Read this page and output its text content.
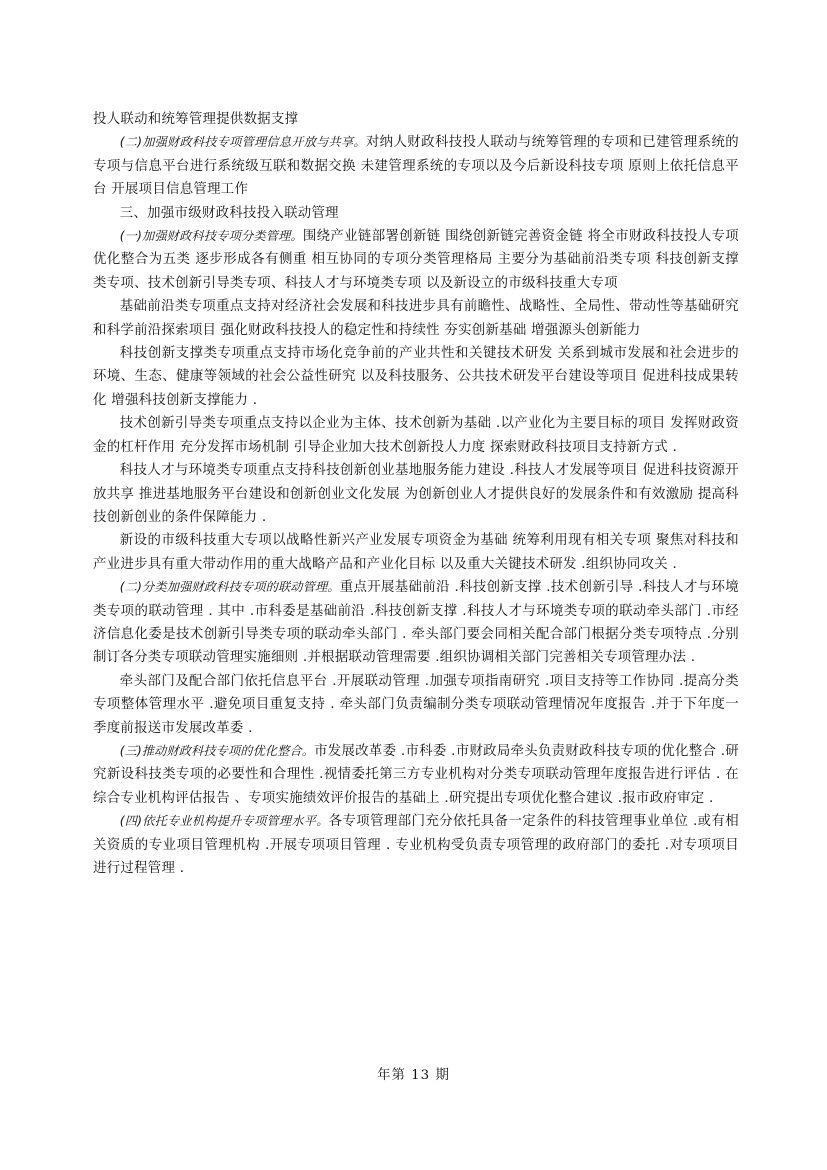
投人联动和统筹管理提供数据支撑

(二)加强财政科技专项管理信息开放与共享。对纳人财政科技投人联动与统筹管理的专项和已建管理系统的专项与信息平台进行系统级互联和数据交换 未建管理系统的专项以及今后新设科技专项 原则上依托信息平台 开展项目信息管理工作

三、加强市级财政科技投入联动管理

(一)加强财政科技专项分类管理。围绕产业链部署创新链 围绕创新链完善资金链 将全市财政科技投人专项优化整合为五类 逐步形成各有侧重 相互协同的专项分类管理格局 主要分为基础前沿类专项 科技创新支撑类专项、技术创新引导类专项、科技人才与环境类专项 以及新设立的市级科技重大专项

基础前沿类专项重点支持对经济社会发展和科技进步具有前瞻性、战略性、全局性、带动性等基础研究和科学前沿探索项目 强化财政科技投人的稳定性和持续性 夯实创新基础 增强源头创新能力

科技创新支撑类专项重点支持市场化竞争前的产业共性和关键技术研发 关系到城市发展和社会进步的环境、生态、健康等领域的社会公益性研究 以及科技服务、公共技术研发平台建设等项目 促进科技成果转化 增强科技创新支撑能力 .

技术创新引导类专项重点支持以企业为主体、技术创新为基础 .以产业化为主要目标的项目 发挥财政资金的杠杆作用 充分发挥市场机制 引导企业加大技术创新投人力度 探索财政科技项目支持新方式 .

科技人才与环境类专项重点支持科技创新创业基地服务能力建设 .科技人才发展等项目 促进科技资源开放共享 推进基地服务平台建设和创新创业文化发展 为创新创业人才提供良好的发展条件和有效激励 提高科技创新创业的条件保障能力 .

新设的市级科技重大专项以战略性新兴产业发展专项资金为基础 统筹利用现有相关专项 聚焦对科技和产业进步具有重大带动作用的重大战略产品和产业化目标 以及重大关键技术研发 .组织协同攻关 .

(二)分类加强财政科技专项的联动管理。重点开展基础前沿 .科技创新支撑 .技术创新引导 .科技人才与环境类专项的联动管理 . 其中 .市科委是基础前沿 .科技创新支撑 .科技人才与环境类专项的联动牵头部门 .市经济信息化委是技术创新引导类专项的联动牵头部门 . 牵头部门要会同相关配合部门根据分类专项特点 .分别制订各分类专项联动管理实施细则 .并根据联动管理需要 .组织协调相关部门完善相关专项管理办法 .

牵头部门及配合部门依托信息平台 .开展联动管理 .加强专项指南研究 .项目支持等工作协同 .提高分类专项整体管理水平 .避免项目重复支持 . 牵头部门负责编制分类专项联动管理情况年度报告 .并于下年度一季度前报送市发展改革委 .

(三)推动财政科技专项的优化整合。市发展改革委 .市科委 .市财政局牵头负责财政科技专项的优化整合 .研究新设科技类专项的必要性和合理性 .视情委托第三方专业机构对分类专项联动管理年度报告进行评估 . 在综合专业机构评估报告 、专项实施绩效评价报告的基础上 .研究提出专项优化整合建议 .报市政府审定 .

(四)依托专业机构提升专项管理水平。各专项管理部门充分依托具备一定条件的科技管理事业单位 .或有相关资质的专业项目管理机构 .开展专项项目管理 . 专业机构受负责专项管理的政府部门的委托 .对专项项目进行过程管理 .

年第 13 期
